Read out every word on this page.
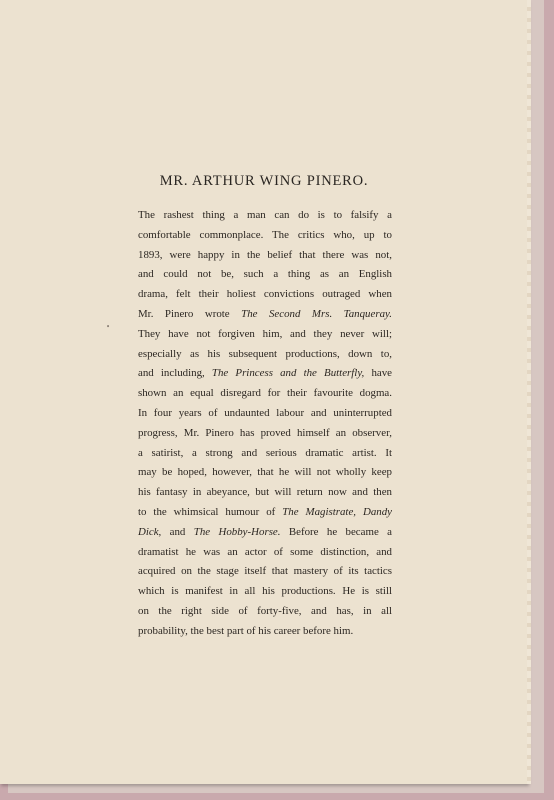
MR. ARTHUR WING PINERO.
•
The rashest thing a man can do is to falsify a
comfortable commonplace. The critics who, up to
1893, were happy in the belief that there was not,
and could not be, such a thing as an English
drama, felt their holiest convictions outraged when
Mr. Pinero wrote The Second Mrs. Tanqueray.
They have not forgiven him, and they never will;
especially as his subsequent productions, down to,
and including, The Princess and the Butterfly, have
shown an equal disregard for their favourite dogma.
In four years of undaunted labour and uninterrupted
progress, Mr. Pinero has proved himself an observer,
a satirist, a strong and serious dramatic artist. It
may be hoped, however, that he will not wholly keep
his fantasy in abeyance, but will return now and then
to the whimsical humour of The Magistrate, Dandy
Dick, and The Hobby-Horse. Before he became a
dramatist he was an actor of some distinction, and
acquired on the stage itself that mastery of its tactics
which is manifest in all his productions. He is still
on the right side of forty-five, and has, in all
probability, the best part of his career before him.
